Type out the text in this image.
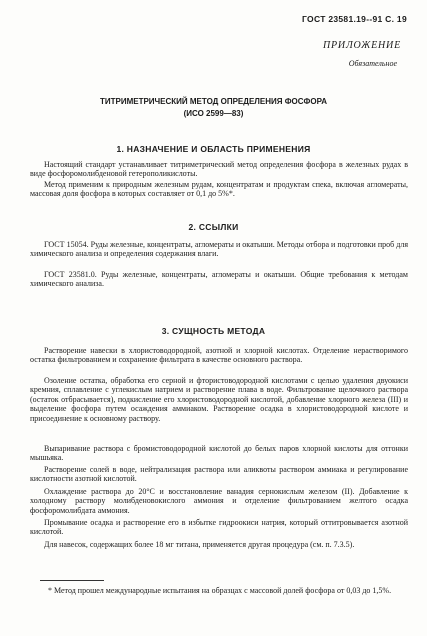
ГОСТ 23581.19--91 С. 19
ПРИЛОЖЕНИЕ
Обязательное
ТИТРИМЕТРИЧЕСКИЙ МЕТОД ОПРЕДЕЛЕНИЯ ФОСФОРА
(ИСО 2599—83)
1. НАЗНАЧЕНИЕ И ОБЛАСТЬ ПРИМЕНЕНИЯ

Настоящий стандарт устанавливает титриметрический метод определения фосфора в железных рудах в виде фосфоромолибденовой гетерополикислоты.

Метод применим к природным железным рудам, концентратам и продуктам спека, включая агломераты, массовая доля фосфора в которых составляет от 0,1 до 5%*.

2. ССЫЛКИ

ГОСТ 15054. Руды железные, концентраты, агломераты и окатыши. Методы отбора и подготовки проб для химического анализа и определения содержания влаги.

ГОСТ 23581.0. Руды железные, концентраты, агломераты и окатыши. Общие требования к методам химического анализа.

3. СУЩНОСТЬ МЕТОДА

Растворение навески в хлористоводородной, азотной и хлорной кислотах. Отделение нерастворимого остатка фильтрованием и сохранение фильтрата в качестве основного раствора.

Озоление остатка, обработка его серной и фтористоводородной кислотами с целью удаления двуокиси кремния, сплавление с углекислым натрием и растворение плава в воде. Фильтрование щелочного раствора (остаток отбрасывается), подкисление его хлористоводородной кислотой, добавление хлорного железа (III) и выделение фосфора путем осаждения аммиаком. Растворение осадка в хлористоводородной кислоте и присоединение к основному раствору.

Выпаривание раствора с бромистоводородной кислотой до белых паров хлорной кислоты для отгонки мышьяка.

Растворение солей в воде, нейтрализация раствора или аликвоты раствором аммиака и регулирование кислотности азотной кислотой.

Охлаждение раствора до 20°С и восстановление ванадия сернокислым железом (II). Добавление к холодному раствору молибденовокислого аммония и отделение фильтрованием желтого осадка фосфоромолибдата аммония.

Промывание осадка и растворение его в избытке гидроокиси натрия, который оттитровывается азотной кислотой.

Для навесок, содержащих более 18 мг титана, применяется другая процедура (см. п. 7.3.5).

* Метод прошел международные испытания на образцах с массовой долей фосфора от 0,03 до 1,5%.
